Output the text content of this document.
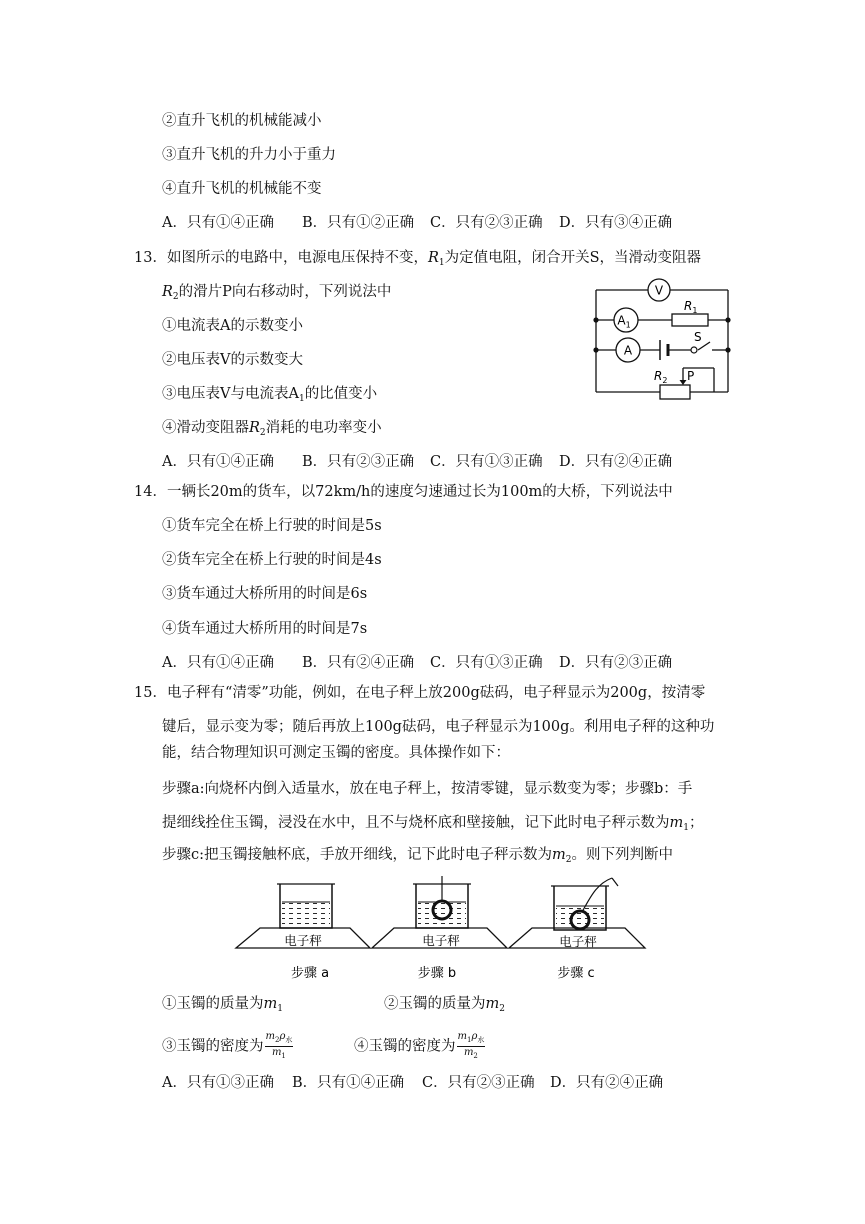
②直升飞机的机械能减小
③直升飞机的升力小于重力
④直升飞机的机械能不变
A．只有①④正确 B．只有①②正确 C．只有②③正确 D．只有③④正确
13．如图所示的电路中，电源电压保持不变，$R_1$为定值电阻，闭合开关S，当滑动变阻器
$R_2$的滑片P向右移动时，下列说法中
①电流表A的示数变小
②电压表V的示数变大
③电压表V与电流表$A_1$的比值变小
④滑动变阻器$R_2$消耗的电功率变小
A．只有①④正确 B．只有②③正确 C．只有①③正确 D．只有②④正确
V
$A_1$
A
$R_1$
S
$R_2$ P
14．一辆长20m的货车，以72km/h的速度匀速通过长为100m的大桥，下列说法中
①货车完全在桥上行驶的时间是5s
②货车完全在桥上行驶的时间是4s
③货车通过大桥所用的时间是6s
④货车通过大桥所用的时间是7s
A．只有①④正确 B．只有②④正确 C．只有①③正确 D．只有②③正确
15．电子秤有“清零”功能，例如，在电子秤上放200g砝码，电子秤显示为200g，按清零
键后，显示变为零；随后再放上100g砝码，电子秤显示为100g。利用电子秤的这种功
能，结合物理知识可测定玉镯的密度。具体操作如下：
步骤a:向烧杯内倒入适量水，放在电子秤上，按清零键，显示数变为零；步骤b：手
提细线拴住玉镯，浸没在水中，且不与烧杯底和壁接触，记下此时电子秤示数为$m_1$；
步骤c:把玉镯接触杯底，手放开细线，记下此时电子秤示数为$m_2$。则下列判断中
电子秤	电子秤	电子秤
步骤 a	步骤 b	步骤 c
①玉镯的质量为$m_1$	②玉镯的质量为$m_2$
③玉镯的密度为 $\frac{m_2\rho_水}{m_1}$	④玉镯的密度为 $\frac{m_1\rho_水}{m_2}$
A．只有①③正确 B．只有①④正确 C．只有②③正确 D．只有②④正确
